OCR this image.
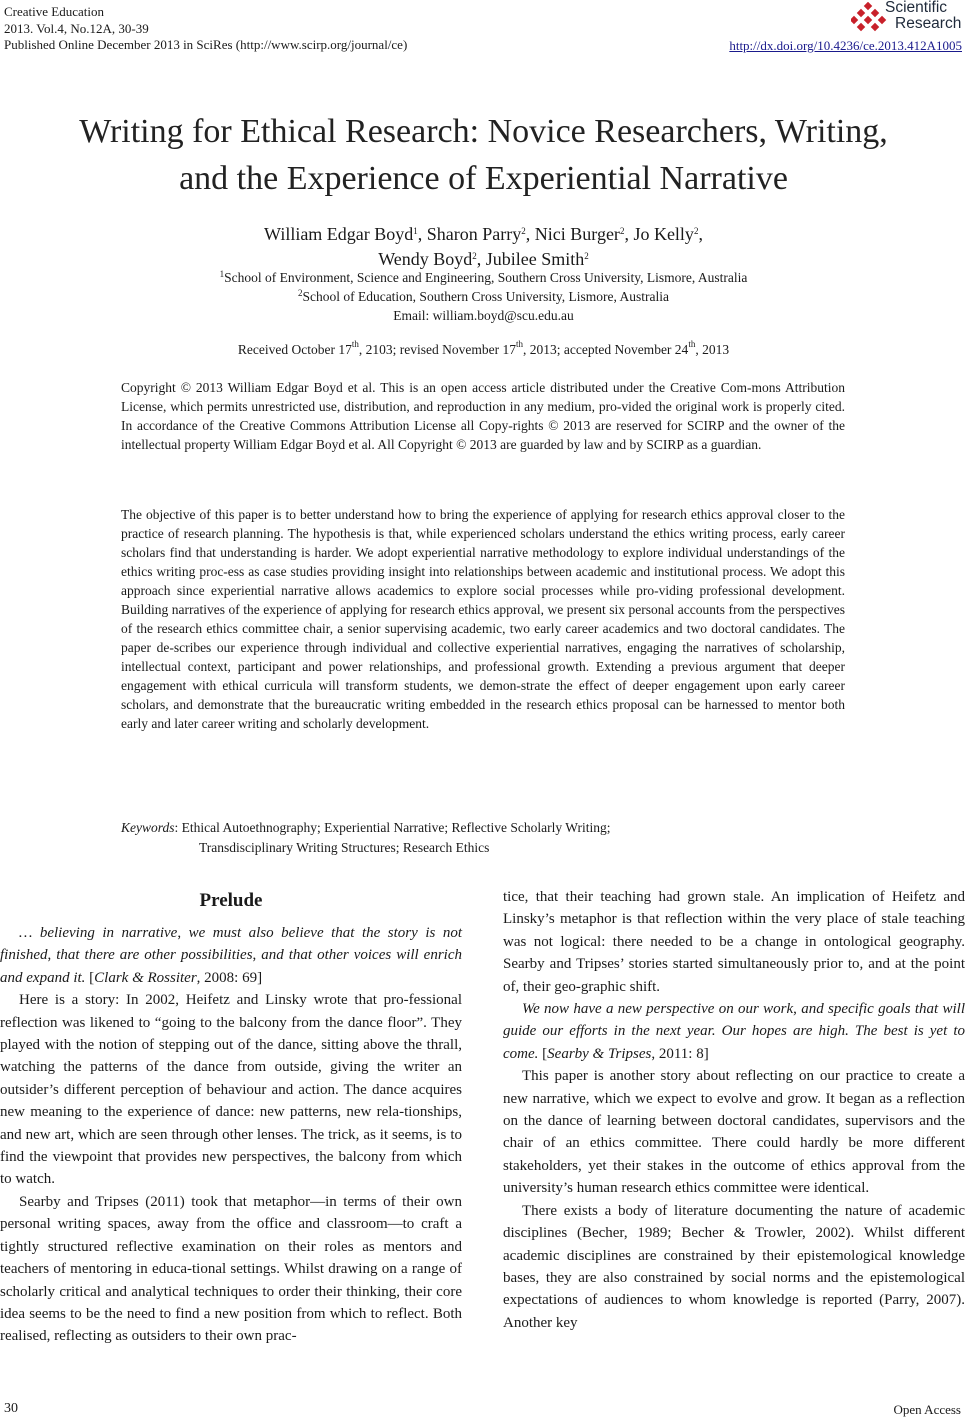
Creative Education
2013. Vol.4, No.12A, 30-39
Published Online December 2013 in SciRes (http://www.scirp.org/journal/ce)
Scientific
Research
http://dx.doi.org/10.4236/ce.2013.412A1005
Writing for Ethical Research: Novice Researchers, Writing,
and the Experience of Experiential Narrative
William Edgar Boyd$^1$, Sharon Parry$^2$, Nici Burger$^2$, Jo Kelly$^2$,
Wendy Boyd$^2$, Jubilee Smith$^2$
$^1$School of Environment, Science and Engineering, Southern Cross University, Lismore, Australia
$^2$School of Education, Southern Cross University, Lismore, Australia
Email: william.boyd@scu.edu.au
Received October 17th, 2103; revised November 17th, 2013; accepted November 24th, 2013
Copyright © 2013 William Edgar Boyd et al. This is an open access article distributed under the Creative Com-mons Attribution License, which permits unrestricted use, distribution, and reproduction in any medium, pro-vided the original work is properly cited. In accordance of the Creative Commons Attribution License all Copy-rights © 2013 are reserved for SCIRP and the owner of the intellectual property William Edgar Boyd et al. All Copyright © 2013 are guarded by law and by SCIRP as a guardian.
The objective of this paper is to better understand how to bring the experience of applying for research ethics approval closer to the practice of research planning. The hypothesis is that, while experienced scholars understand the ethics writing process, early career scholars find that understanding is harder. We adopt experiential narrative methodology to explore individual understandings of the ethics writing proc-ess as case studies providing insight into relationships between academic and institutional process. We adopt this approach since experiential narrative allows academics to explore social processes while pro-viding professional development. Building narratives of the experience of applying for research ethics approval, we present six personal accounts from the perspectives of the research ethics committee chair, a senior supervising academic, two early career academics and two doctoral candidates. The paper de-scribes our experience through individual and collective experiential narratives, engaging the narratives of scholarship, intellectual context, participant and power relationships, and professional growth. Extending a previous argument that deeper engagement with ethical curricula will transform students, we demon-strate the effect of deeper engagement upon early career scholars, and demonstrate that the bureaucratic writing embedded in the research ethics proposal can be harnessed to mentor both early and later career writing and scholarly development.
Keywords: Ethical Autoethnography; Experiential Narrative; Reflective Scholarly Writing;
Transdisciplinary Writing Structures; Research Ethics
Prelude

… believing in narrative, we must also believe that the story is not finished, that there are other possibilities, and that other voices will enrich and expand it. [Clark & Rossiter, 2008: 69]

Here is a story: In 2002, Heifetz and Linsky wrote that pro-fessional reflection was likened to “going to the balcony from the dance floor”. They played with the notion of stepping out of the dance, sitting above the thrall, watching the patterns of the dance from outside, giving the writer an outsider’s different perception of behaviour and action. The dance acquires new meaning to the experience of dance: new patterns, new rela-tionships, and new art, which are seen through other lenses. The trick, as it seems, is to find the viewpoint that provides new perspectives, the balcony from which to watch.

Searby and Tripses (2011) took that metaphor—in terms of their own personal writing spaces, away from the office and classroom—to craft a tightly structured reflective examination on their roles as mentors and teachers of mentoring in educa-tional settings. Whilst drawing on a range of scholarly critical and analytical techniques to order their thinking, their core idea seems to be the need to find a new position from which to reflect. Both realised, reflecting as outsiders to their own prac-

tice, that their teaching had grown stale. An implication of Heifetz and Linsky’s metaphor is that reflection within the very place of stale teaching was not logical: there needed to be a change in ontological geography. Searby and Tripses’ stories started simultaneously prior to, and at the point of, their geo-graphic shift.

We now have a new perspective on our work, and specific goals that will guide our efforts in the next year. Our hopes are high. The best is yet to come. [Searby & Tripses, 2011: 8]

This paper is another story about reflecting on our practice to create a new narrative, which we expect to evolve and grow. It began as a reflection on the dance of learning between doctoral candidates, supervisors and the chair of an ethics committee. There could hardly be more different stakeholders, yet their stakes in the outcome of ethics approval from the university’s human research ethics committee were identical.

There exists a body of literature documenting the nature of academic disciplines (Becher, 1989; Becher & Trowler, 2002). Whilst different academic disciplines are constrained by their epistemological knowledge bases, they are also constrained by social norms and the epistemological expectations of audiences to whom knowledge is reported (Parry, 2007). Another key

30	Open Access
